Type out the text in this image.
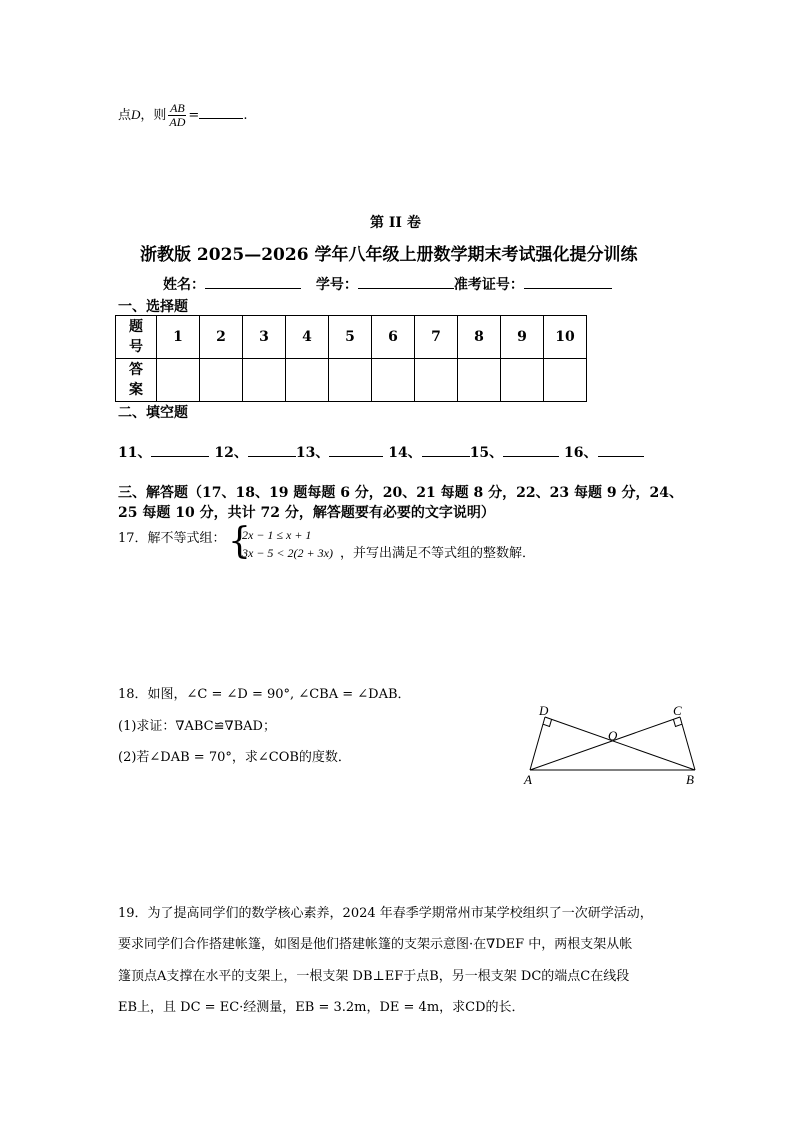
点D，则 $\frac{AB}{AD}$ =	.
第 II 卷
浙教版 2025—2026 学年八年级上册数学期末考试强化提分训练
姓名：	学号：	准考证号：
一、选择题
题
号	1	2	3	4	5	6	7	8	9	10
答
案										
二、填空题
11、	12、	13、	14、	15、	16、
三、解答题（17、18、19 题每题 6 分，20、21 每题 8 分，22、23 每题 9 分，24、
25 每题 10 分，共计 72 分，解答题要有必要的文字说明）
17．解不等式组： {
2x − 1 ≤ x + 1
3x − 5 < 2(2 + 3x) ，并写出满足不等式组的整数解．
18．如图，∠C = ∠D = 90°, ∠CBA = ∠DAB．
(1)求证：∇ABC≌∇BAD；
(2)若∠DAB = 70°，求∠COB的度数．
D	C
O
A	B
19．为了提高同学们的数学核心素养，2024 年春季学期常州市某学校组织了一次研学活动，
要求同学们合作搭建帐篷，如图是他们搭建帐篷的支架示意图·在∇DEF 中，两根支架从帐
篷顶点A支撑在水平的支架上，一根支架 DB⊥EF于点B，另一根支架 DC的端点C在线段
EB上，且 DC = EC·经测量，EB = 3.2m，DE = 4m，求CD的长．
